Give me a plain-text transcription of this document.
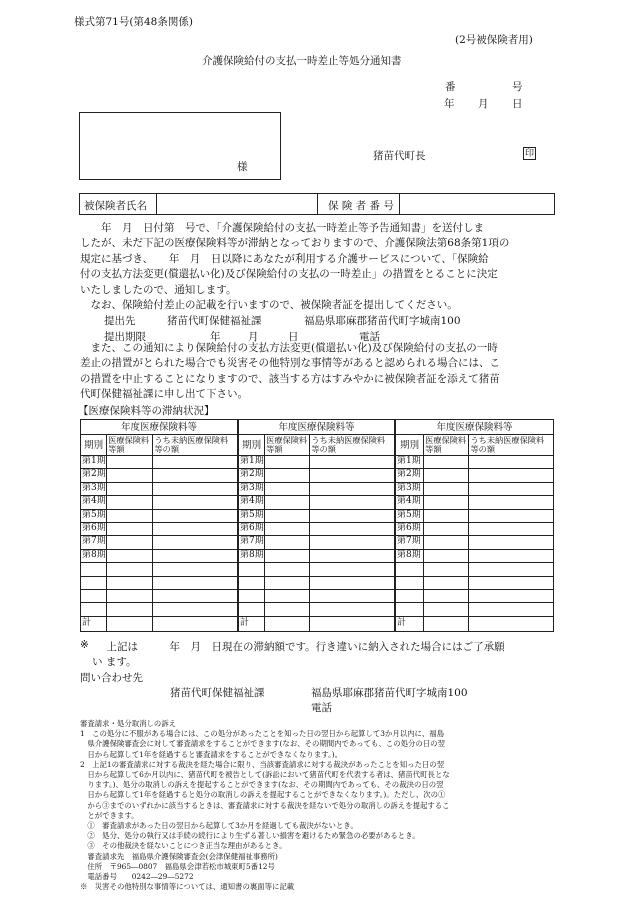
様式第71号(第48条関係)
(2号被保険者用)
介護保険給付の支払一時差止等処分通知書
番	号
年 月 日
様
猪苗代町長	印
被保険者氏名	保 険 者 番 号
　　年　月　日付第　号で、「介護保険給付の支払一時差止等予告通知書」を送付しま
したが、未だ下記の医療保険料等が滞納となっておりますので、介護保険法第68条第1項の
規定に基づき、　　年　月　日以降にあなたが利用する介護サービスについて、「保険給
付の支払方法変更(償還払い化)及び保険給付の支払の一時差止」の措置をとることに決定
いたしましたので、通知します。
　なお、保険給付差止の記載を行いますので、被保険者証を提出してください。
提出先	猪苗代町保健福祉課	福島県耶麻郡猪苗代町字城南100
提出期限	年	月	日	電話
　また、この通知により保険給付の支払方法変更(償還払い化)及び保険給付の支払の一時
差止の措置がとられた場合でも災害その他特別な事情等があると認められる場合には、こ
の措置を中止することになりますので、該当する方はすみやかに被保険者証を添えて猪苗
代町保健福祉課に申し出て下さい。
【医療保険料等の滞納状況】
年度医療保険料等		
期別	医療保険料等額	うち未納医療保険料等の額
第1期		
第2期		
第3期		
第4期		
第5期		
第6期		
第7期		
第8期		

計		
年度医療保険料等		
期別	医療保険料等額	うち未納医療保険料等の額
第1期		
第2期		
第3期		
第4期		
第5期		
第6期		
第7期		
第8期		

計		
年度医療保険料等		
期別	医療保険料等額	うち未納医療保険料等の額
第1期		
第2期		
第3期		
第4期		
第5期		
第6期		
第7期		
第8期		

計		
※ 　上記は　　　年　月　日現在の滞納額です。行き違いに納入された場合にはご了承願
い ます。
問い合わせ先
猪苗代町保健福祉課	福島県耶麻郡猪苗代町字城南100
電話
審査請求・処分取消しの訴え
1　この処分に不服がある場合には、この処分があったことを知った日の翌日から起算して3か月以内に、福島
　県介護保険審査会に対して審査請求をすることができます(なお、その期間内であっても、この処分の日の翌
　日から起算して1年を経過すると審査請求をすることができなくなります。)。
2　上記1の審査請求に対する裁決を経た場合に限り、当該審査請求に対する裁決があったことを知った日の翌
　日から起算して6か月以内に、猪苗代町を被告として(訴訟において猪苗代町を代表する者は、猪苗代町長とな
　ります。)、処分の取消しの訴えを提起することができます(なお、その期間内であっても、その裁決の日の翌
　日から起算して1年を経過すると処分の取消しの訴えを提起することができなくなります。)。ただし、次の①
　から③までのいずれかに該当するときは、審査請求に対する裁決を経ないで処分の取消しの訴えを提起するこ
　とができます。
　①　審査請求があった日の翌日から起算して3か月を経過しても裁決がないとき。
　②　処分、処分の執行又は手続の続行により生ずる著しい損害を避けるため緊急の必要があるとき。
　③　その他裁決を経ないことにつき正当な理由があるとき。
　審査請求先　福島県介護保険審査会(会津保健福祉事務所)
　住所　〒965―0807　福島県会津若松市城東町5番12号
　電話番号　　0242―29―5272
※　災害その他特別な事情等については、通知書の裏面等に記載
